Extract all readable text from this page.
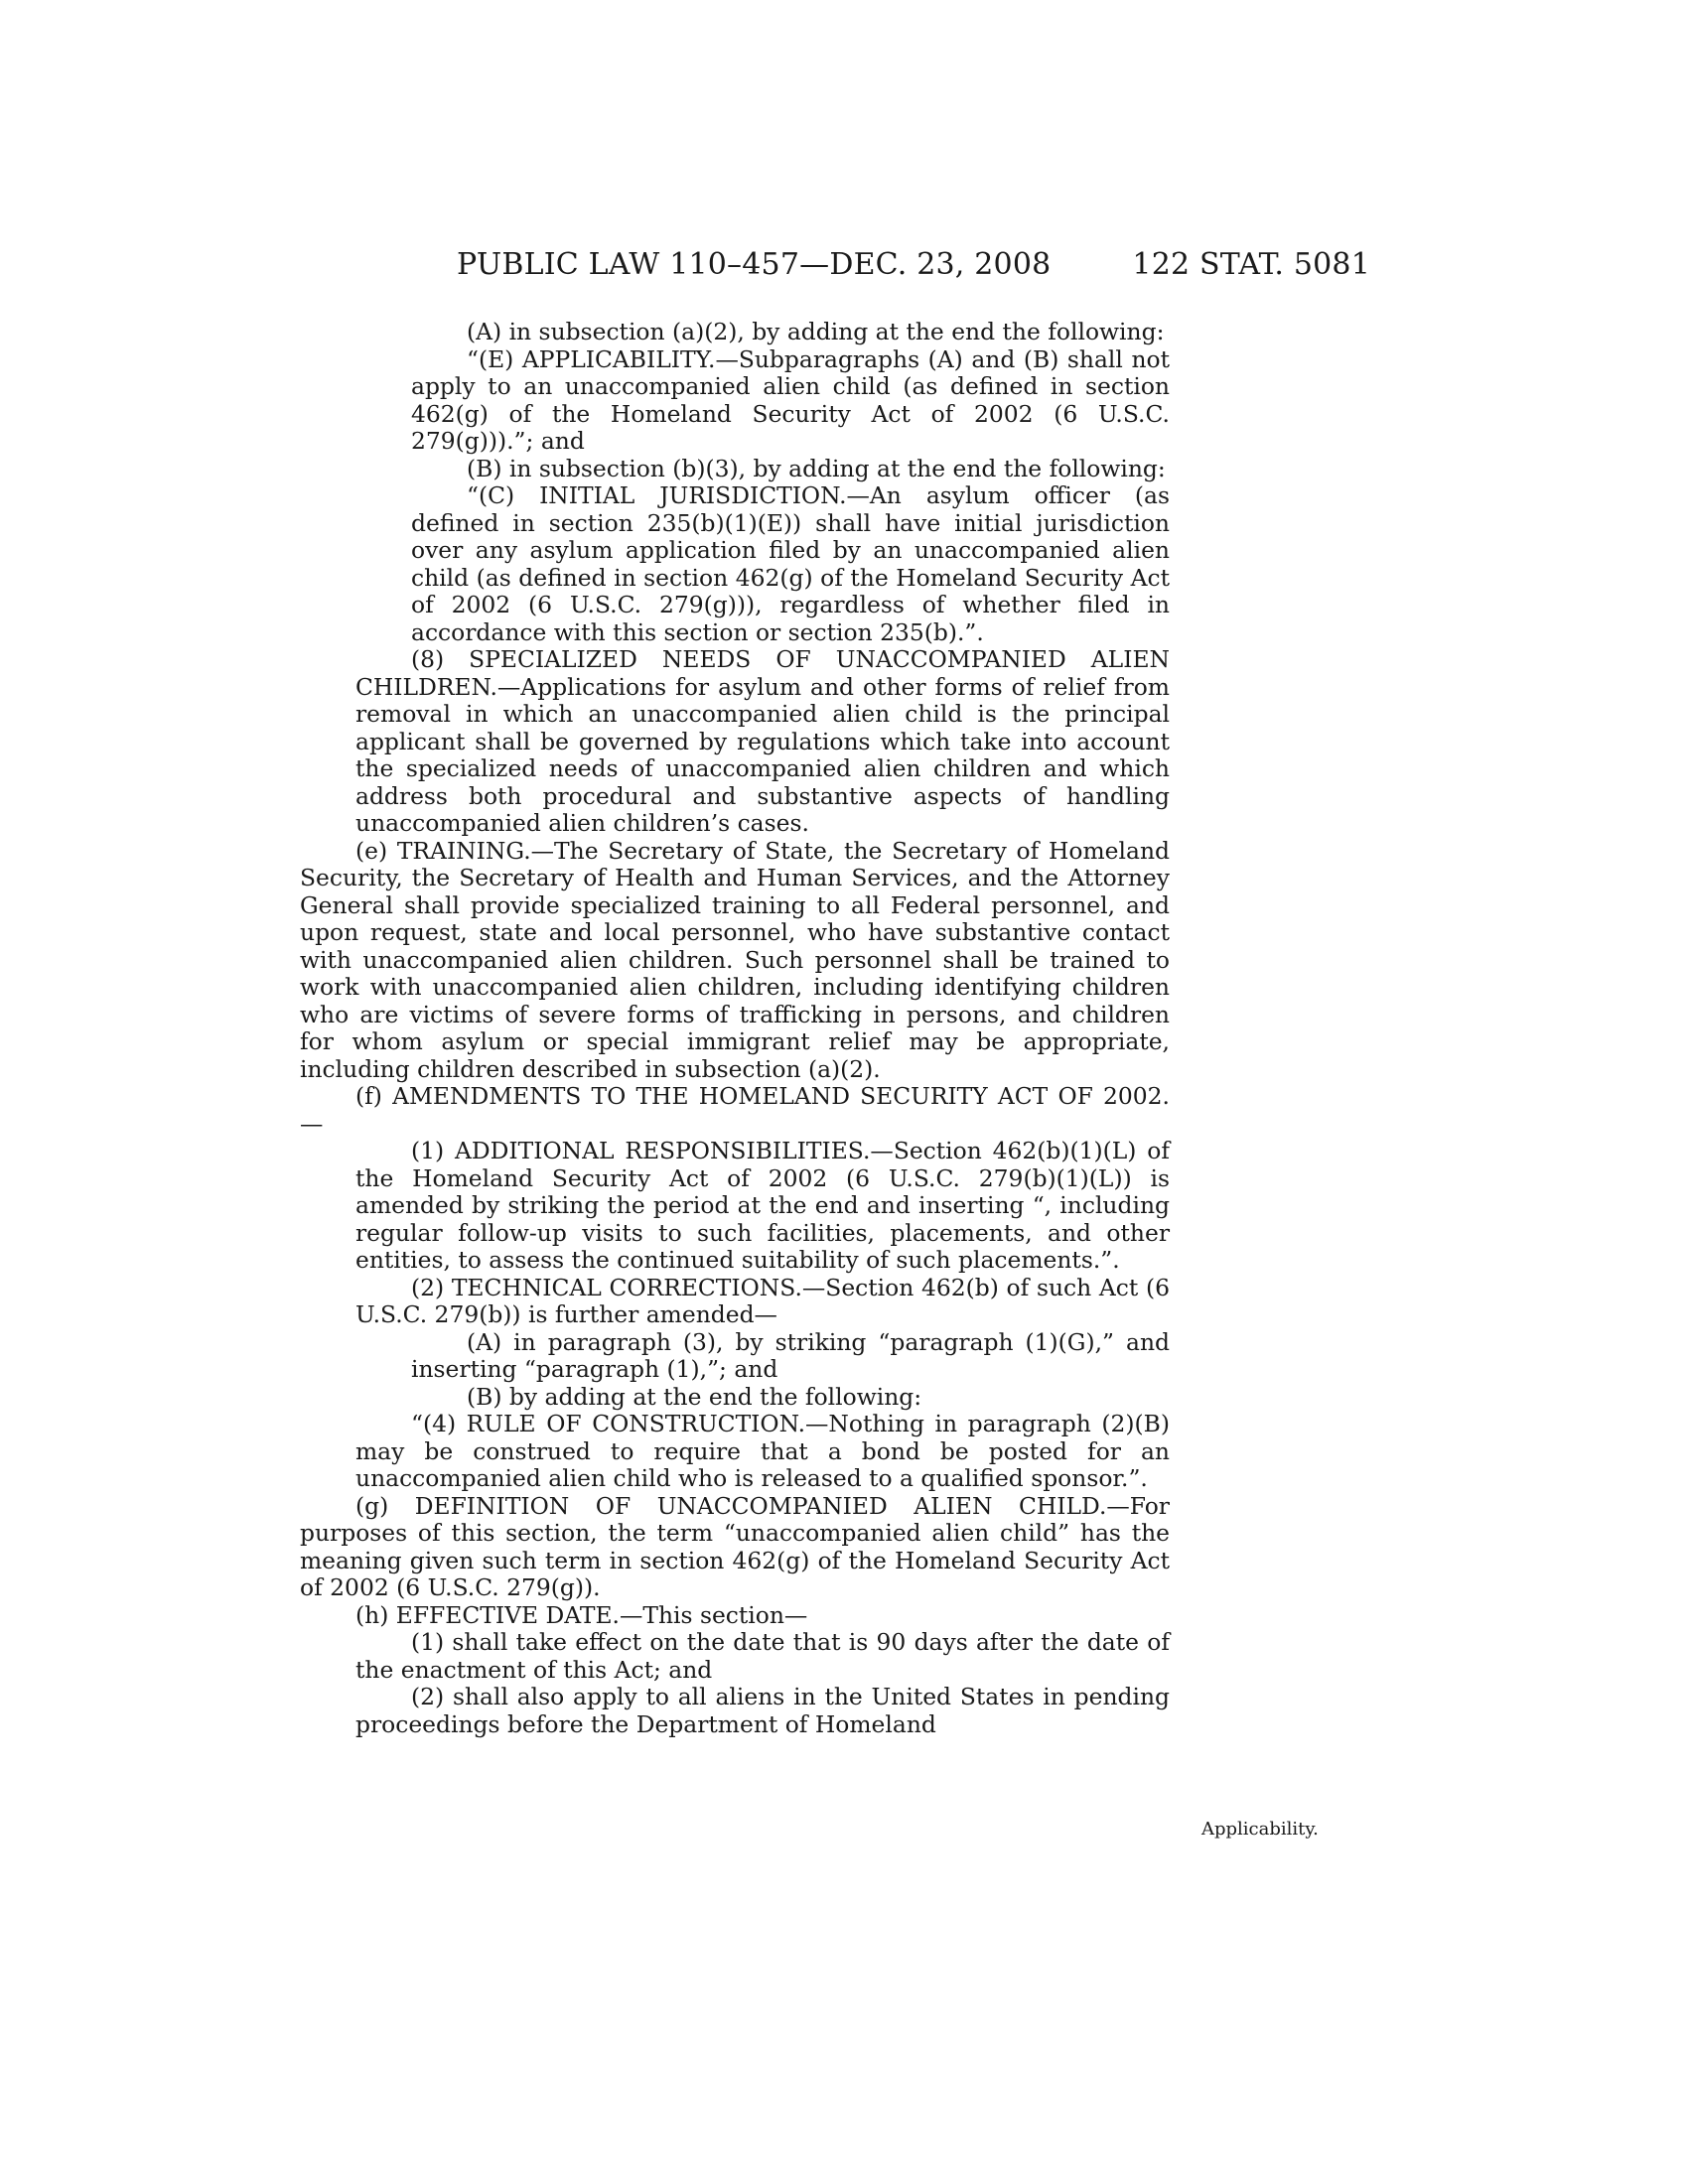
PUBLIC LAW 110–457—DEC. 23, 2008	122 STAT. 5081

(A) in subsection (a)(2), by adding at the end the following:

“(E) APPLICABILITY.—Subparagraphs (A) and (B) shall not apply to an unaccompanied alien child (as defined in section 462(g) of the Homeland Security Act of 2002 (6 U.S.C. 279(g))).”; and

(B) in subsection (b)(3), by adding at the end the following:

“(C) INITIAL JURISDICTION.—An asylum officer (as defined in section 235(b)(1)(E)) shall have initial jurisdiction over any asylum application filed by an unaccompanied alien child (as defined in section 462(g) of the Homeland Security Act of 2002 (6 U.S.C. 279(g))), regardless of whether filed in accordance with this section or section 235(b).”.

(8) SPECIALIZED NEEDS OF UNACCOMPANIED ALIEN CHILDREN.—Applications for asylum and other forms of relief from removal in which an unaccompanied alien child is the principal applicant shall be governed by regulations which take into account the specialized needs of unaccompanied alien children and which address both procedural and substantive aspects of handling unaccompanied alien children’s cases.

(e) TRAINING.—The Secretary of State, the Secretary of Homeland Security, the Secretary of Health and Human Services, and the Attorney General shall provide specialized training to all Federal personnel, and upon request, state and local personnel, who have substantive contact with unaccompanied alien children. Such personnel shall be trained to work with unaccompanied alien children, including identifying children who are victims of severe forms of trafficking in persons, and children for whom asylum or special immigrant relief may be appropriate, including children described in subsection (a)(2).

(f) AMENDMENTS TO THE HOMELAND SECURITY ACT OF 2002.—

(1) ADDITIONAL RESPONSIBILITIES.—Section 462(b)(1)(L) of the Homeland Security Act of 2002 (6 U.S.C. 279(b)(1)(L)) is amended by striking the period at the end and inserting “, including regular follow-up visits to such facilities, placements, and other entities, to assess the continued suitability of such placements.”.

(2) TECHNICAL CORRECTIONS.—Section 462(b) of such Act (6 U.S.C. 279(b)) is further amended—

(A) in paragraph (3), by striking “paragraph (1)(G),” and inserting “paragraph (1),”; and

(B) by adding at the end the following:

“(4) RULE OF CONSTRUCTION.—Nothing in paragraph (2)(B) may be construed to require that a bond be posted for an unaccompanied alien child who is released to a qualified sponsor.”.

(g) DEFINITION OF UNACCOMPANIED ALIEN CHILD.—For purposes of this section, the term “unaccompanied alien child” has the meaning given such term in section 462(g) of the Homeland Security Act of 2002 (6 U.S.C. 279(g)).

(h) EFFECTIVE DATE.—This section—

(1) shall take effect on the date that is 90 days after the date of the enactment of this Act; and

(2) shall also apply to all aliens in the United States in pending proceedings before the Department of Homeland

Applicability.
